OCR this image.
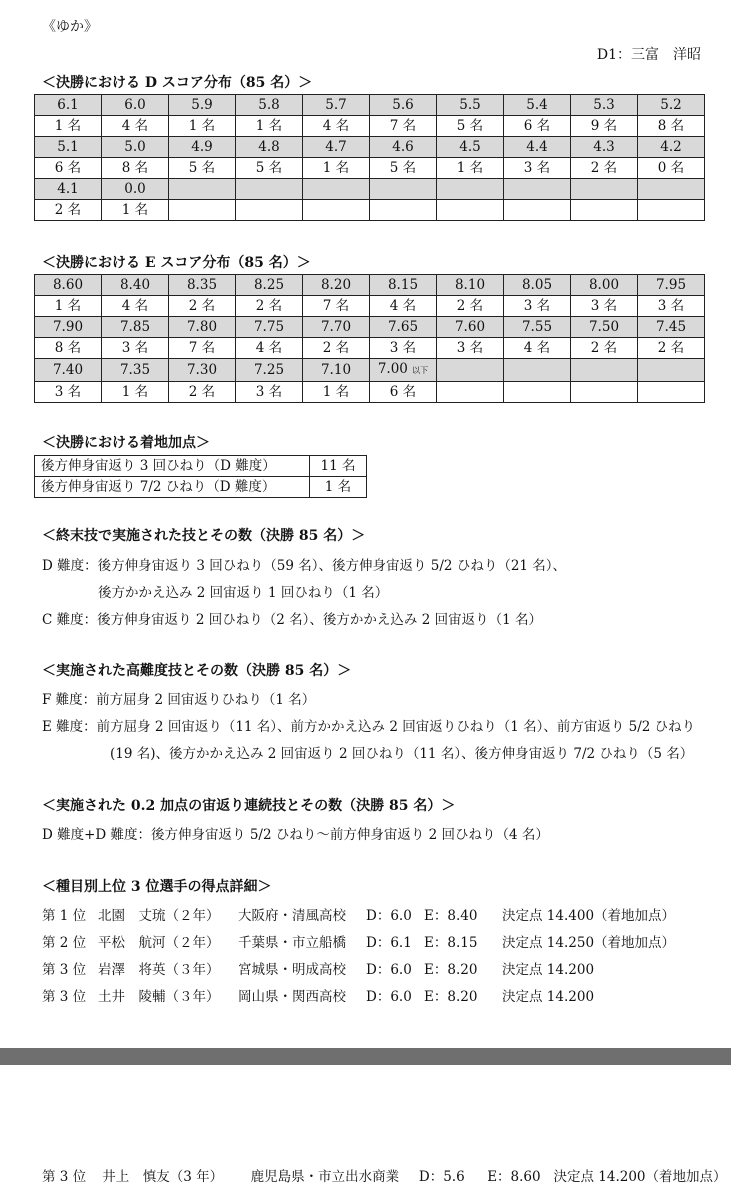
《ゆか》
D1：三富　洋昭
＜決勝における D スコア分布（85 名）＞
6.1	6.0	5.9	5.8	5.7	5.6	5.5	5.4	5.3	5.2
1 名	4 名	1 名	1 名	4 名	7 名	5 名	6 名	9 名	8 名
5.1	5.0	4.9	4.8	4.7	4.6	4.5	4.4	4.3	4.2
6 名	8 名	5 名	5 名	1 名	5 名	1 名	3 名	2 名	0 名
4.1	0.0								
2 名	1 名								
＜決勝における E スコア分布（85 名）＞
8.60	8.40	8.35	8.25	8.20	8.15	8.10	8.05	8.00	7.95
1 名	4 名	2 名	2 名	7 名	4 名	2 名	3 名	3 名	3 名
7.90	7.85	7.80	7.75	7.70	7.65	7.60	7.55	7.50	7.45
8 名	3 名	7 名	4 名	2 名	3 名	3 名	4 名	2 名	2 名
7.40	7.35	7.30	7.25	7.10	7.00 以下				
3 名	1 名	2 名	3 名	1 名	6 名				
＜決勝における着地加点＞
後方伸身宙返り 3 回ひねり（D 難度）	11 名
後方伸身宙返り 7/2 ひねり（D 難度）	1 名
＜終末技で実施された技とその数（決勝 85 名）＞
D 難度：後方伸身宙返り 3 回ひねり（59 名）、後方伸身宙返り 5/2 ひねり（21 名）、
後方かかえ込み 2 回宙返り 1 回ひねり（1 名）
C 難度：後方伸身宙返り 2 回ひねり（2 名）、後方かかえ込み 2 回宙返り（1 名）
＜実施された高難度技とその数（決勝 85 名）＞
F 難度：前方屈身 2 回宙返りひねり（1 名）
E 難度：前方屈身 2 回宙返り（11 名）、前方かかえ込み 2 回宙返りひねり（1 名）、前方宙返り 5/2 ひねり
(19 名)、後方かかえ込み 2 回宙返り 2 回ひねり（11 名）、後方伸身宙返り 7/2 ひねり（5 名）
＜実施された 0.2 加点の宙返り連続技とその数（決勝 85 名）＞
D 難度+D 難度：後方伸身宙返り 5/2 ひねり～前方伸身宙返り 2 回ひねり（4 名）
＜種目別上位 3 位選手の得点詳細＞
第 1 位 北園　丈琉（２年） 大阪府・清風高校 D：6.0 E：8.40 決定点 14.400（着地加点）
第 2 位 平松　航河（２年） 千葉県・市立船橋 D：6.1 E：8.15 決定点 14.250（着地加点）
第 3 位 岩澤　将英（３年） 宮城県・明成高校 D：6.0 E：8.20 決定点 14.200
第 3 位 土井　陵輔（３年） 岡山県・関西高校 D：6.0 E：8.20 決定点 14.200
第 3 位 井上　慎友（3 年） 鹿児島県・市立出水商業 D：5.6 E：8.60 決定点 14.200（着地加点）
